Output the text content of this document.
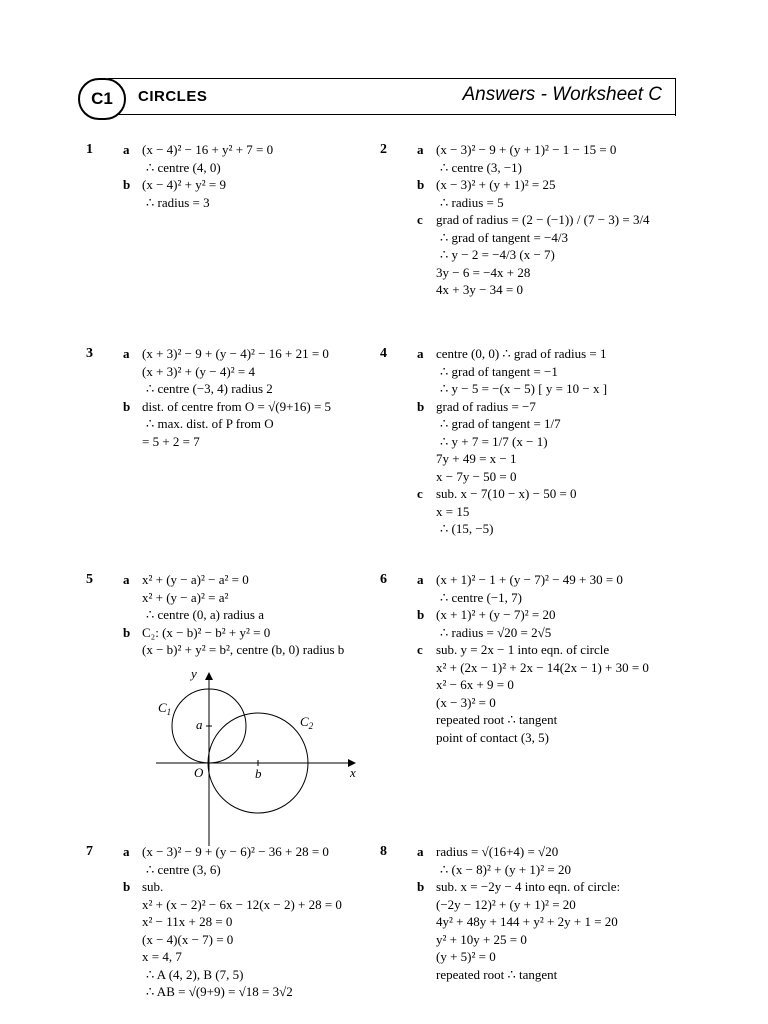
C1	CIRCLES	Answers - Worksheet C
1 a (x − 4)² − 16 + y² + 7 = 0
∴ centre (4, 0)
b (x − 4)² + y² = 9
∴ radius = 3
2 a (x − 3)² − 9 + (y + 1)² − 1 − 15 = 0
∴ centre (3, −1)
b (x − 3)² + (y + 1)² = 25
∴ radius = 5
c grad of radius = (2 − (−1)) / (7 − 3) = 3/4
∴ grad of tangent = −4/3
∴ y − 2 = −4/3 (x − 7)
3y − 6 = −4x + 28
4x + 3y − 34 = 0
3 a (x + 3)² − 9 + (y − 4)² − 16 + 21 = 0
(x + 3)² + (y − 4)² = 4
∴ centre (−3, 4) radius 2
b dist. of centre from O = √(9+16) = 5
∴ max. dist. of P from O
= 5 + 2 = 7
4 a centre (0, 0) ∴ grad of radius = 1
∴ grad of tangent = −1
∴ y − 5 = −(x − 5) [ y = 10 − x ]
b grad of radius = −7
∴ grad of tangent = 1/7
∴ y + 7 = 1/7 (x − 1)
7y + 49 = x − 1
x − 7y − 50 = 0
c sub. x − 7(10 − x) − 50 = 0
x = 15
∴ (15, −5)
5 a x² + (y − a)² − a² = 0
x² + (y − a)² = a²
∴ centre (0, a) radius a
b C₂: (x − b)² − b² + y² = 0
(x − b)² + y² = b², centre (b, 0) radius b
6 a (x + 1)² − 1 + (y − 7)² − 49 + 30 = 0
∴ centre (−1, 7)
b (x + 1)² + (y − 7)² = 20
∴ radius = √20 = 2√5
c sub. y = 2x − 1 into eqn. of circle
x² + (2x − 1)² + 2x − 14(2x − 1) + 30 = 0
x² − 6x + 9 = 0
(x − 3)² = 0
repeated root ∴ tangent
point of contact (3, 5)
7 a (x − 3)² − 9 + (y − 6)² − 36 + 28 = 0
∴ centre (3, 6)
b sub.
x² + (x − 2)² − 6x − 12(x − 2) + 28 = 0
x² − 11x + 28 = 0
(x − 4)(x − 7) = 0
x = 4, 7
∴ A (4, 2), B (7, 5)
∴ AB = √(9+9) = √18 = 3√2
8 a radius = √(16+4) = √20
∴ (x − 8)² + (y + 1)² = 20
b sub. x = −2y − 4 into eqn. of circle:
(−2y − 12)² + (y + 1)² = 20
4y² + 48y + 144 + y² + 2y + 1 = 20
y² + 10y + 25 = 0
(y + 5)² = 0
repeated root ∴ tangent
y
$C_1$
$C_2$
a
b
O	x
